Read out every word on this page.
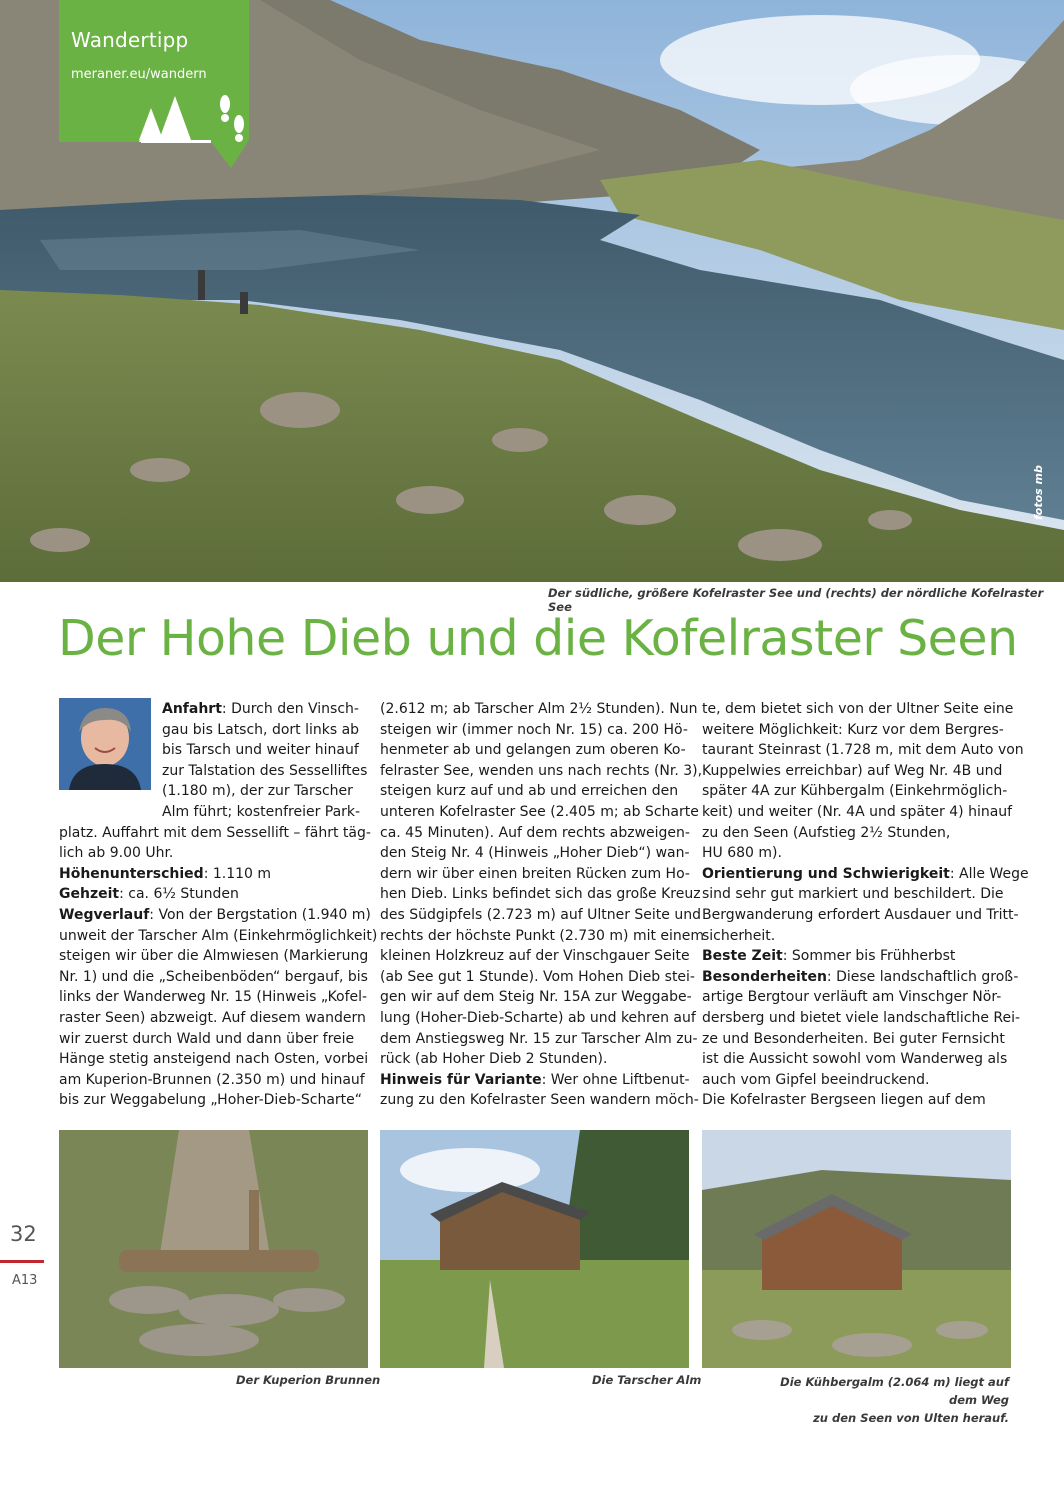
Wandertipp
meraner.eu/wandern
fotos mb
Der südliche, größere Kofelraster See und (rechts) der nördliche Kofelraster See
Der Hohe Dieb und die Kofelraster Seen

Anfahrt: Durch den Vinsch-
gau bis Latsch, dort links ab
bis Tarsch und weiter hinauf
zur Talstation des Sesselliftes
(1.180 m), der zur Tarscher
Alm führt; kostenfreier Park-

platz. Auffahrt mit dem Sessellift – fährt täg-
lich ab 9.00 Uhr.

Höhenunterschied: 1.110 m

Gehzeit: ca. 6½ Stunden

Wegverlauf: Von der Bergstation (1.940 m)
unweit der Tarscher Alm (Einkehrmöglichkeit)
steigen wir über die Almwiesen (Markierung
Nr. 1) und die „Scheibenböden“ bergauf, bis
links der Wanderweg Nr. 15 (Hinweis „Kofel-
raster Seen) abzweigt. Auf diesem wandern
wir zuerst durch Wald und dann über freie
Hänge stetig ansteigend nach Osten, vorbei
am Kuperion-Brunnen (2.350 m) und hinauf
bis zur Weggabelung „Hoher-Dieb-Scharte“

(2.612 m; ab Tarscher Alm 2½ Stunden). Nun
steigen wir (immer noch Nr. 15) ca. 200 Hö-
henmeter ab und gelangen zum oberen Ko-
felraster See, wenden uns nach rechts (Nr. 3),
steigen kurz auf und ab und erreichen den
unteren Kofelraster See (2.405 m; ab Scharte
ca. 45 Minuten). Auf dem rechts abzweigen-
den Steig Nr. 4 (Hinweis „Hoher Dieb“) wan-
dern wir über einen breiten Rücken zum Ho-
hen Dieb. Links befindet sich das große Kreuz
des Südgipfels (2.723 m) auf Ultner Seite und
rechts der höchste Punkt (2.730 m) mit einem
kleinen Holzkreuz auf der Vinschgauer Seite
(ab See gut 1 Stunde). Vom Hohen Dieb stei-
gen wir auf dem Steig Nr. 15A zur Weggabe-
lung (Hoher-Dieb-Scharte) ab und kehren auf
dem Anstiegsweg Nr. 15 zur Tarscher Alm zu-
rück (ab Hoher Dieb 2 Stunden).

Hinweis für Variante: Wer ohne Liftbenut-
zung zu den Kofelraster Seen wandern möch-

te, dem bietet sich von der Ultner Seite eine
weitere Möglichkeit: Kurz vor dem Bergres-
taurant Steinrast (1.728 m, mit dem Auto von
Kuppelwies erreichbar) auf Weg Nr. 4B und
später 4A zur Kühbergalm (Einkehrmöglich-
keit) und weiter (Nr. 4A und später 4) hinauf
zu den Seen (Aufstieg 2½ Stunden,
HU 680 m).

Orientierung und Schwierigkeit: Alle Wege
sind sehr gut markiert und beschildert. Die
Bergwanderung erfordert Ausdauer und Tritt-
sicherheit.

Beste Zeit: Sommer bis Frühherbst

Besonderheiten: Diese landschaftlich groß-
artige Bergtour verläuft am Vinschger Nör-
dersberg und bietet viele landschaftliche Rei-
ze und Besonderheiten. Bei guter Fernsicht
ist die Aussicht sowohl vom Wanderweg als
auch vom Gipfel beeindruckend.
Die Kofelraster Bergseen liegen auf dem

Der Kuperion Brunnen	Die Tarscher Alm	Die Kühbergalm (2.064 m) liegt auf dem Weg
zu den Seen von Ulten herauf.
32
A13
